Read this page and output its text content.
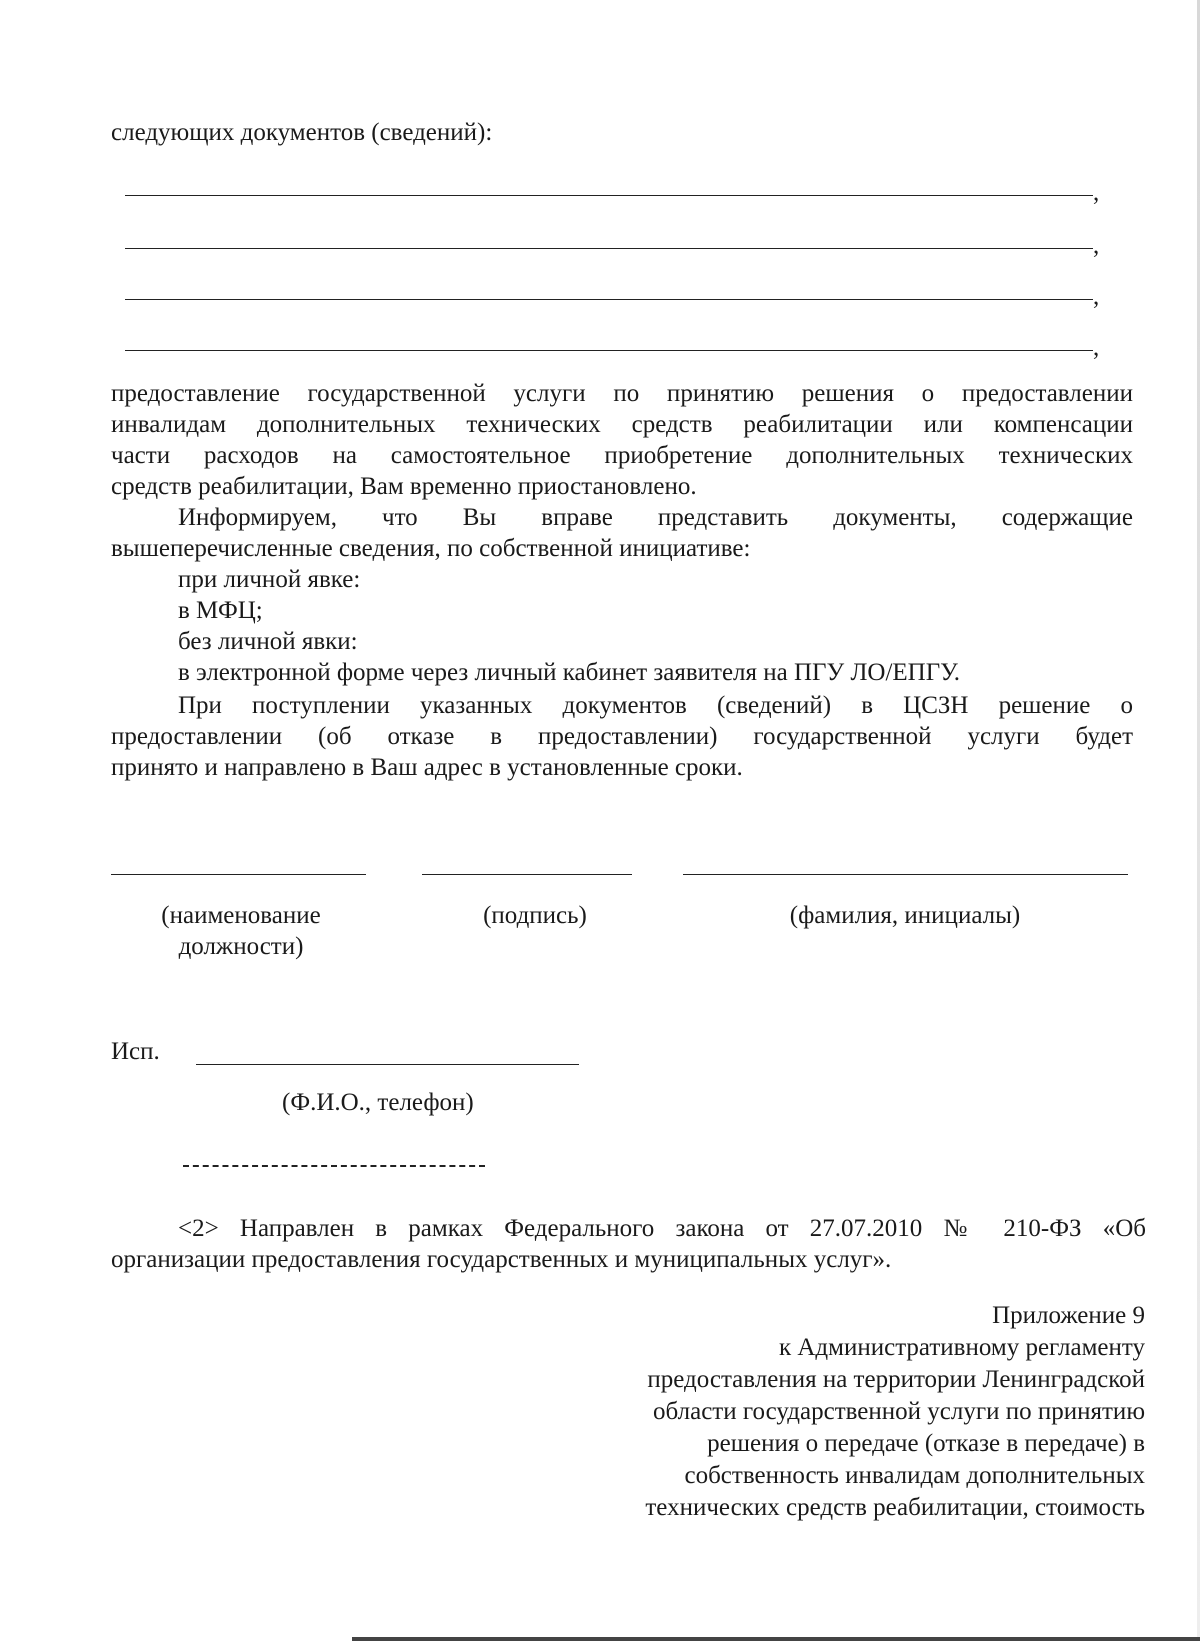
следующих документов (сведений):
,
,
,
,
предоставление государственной услуги по принятию решения о предоставлении
инвалидам дополнительных технических средств реабилитации или компенсации
части расходов на самостоятельное приобретение дополнительных технических
средств реабилитации, Вам временно приостановлено.
Информируем, что Вы вправе представить документы, содержащие
вышеперечисленные сведения, по собственной инициативе:
при личной явке:
в МФЦ;
без личной явки:
в электронной форме через личный кабинет заявителя на ПГУ ЛО/ЕПГУ.
При поступлении указанных документов (сведений) в ЦСЗН решение о
предоставлении (об отказе в предоставлении) государственной услуги будет
принято и направлено в Ваш адрес в установленные сроки.
(наименование
должности)
(подпись)	(фамилия, инициалы)
Исп.
(Ф.И.О., телефон)
<2> Направлен в рамках Федерального закона от 27.07.2010 № 210-ФЗ «Об
организации предоставления государственных и муниципальных услуг».
Приложение 9
к Административному регламенту
предоставления на территории Ленинградской
области государственной услуги по принятию
решения о передаче (отказе в передаче) в
собственность инвалидам дополнительных
технических средств реабилитации, стоимость
